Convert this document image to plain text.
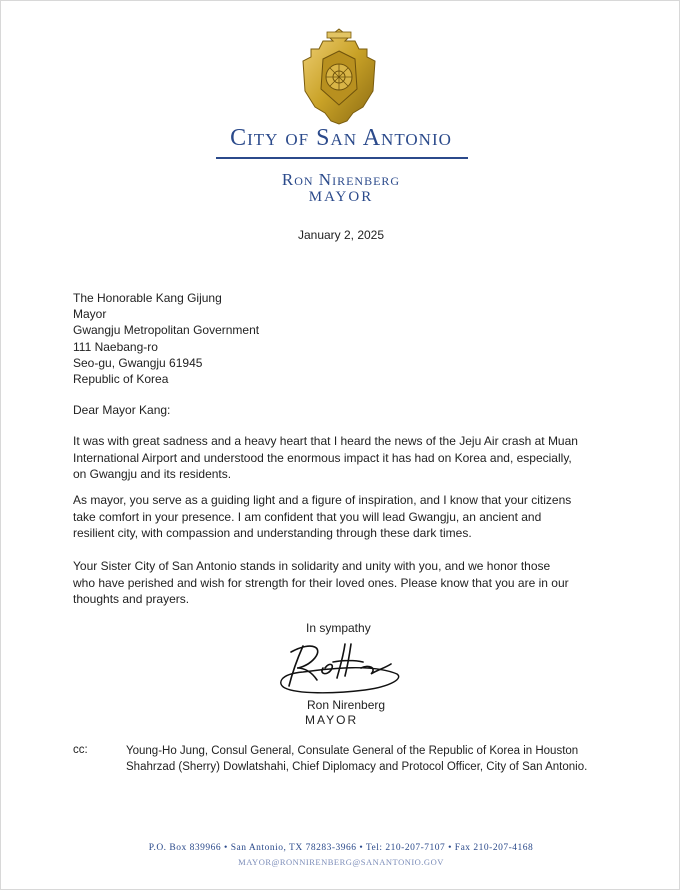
City of San Antonio
Ron Nirenberg
MAYOR
January 2, 2025
The Honorable Kang Gijung
Mayor
Gwangju Metropolitan Government
111 Naebang-ro
Seo-gu, Gwangju 61945
Republic of Korea
Dear Mayor Kang:
It was with great sadness and a heavy heart that I heard the news of the Jeju Air crash at Muan
International Airport and understood the enormous impact it has had on Korea and, especially,
on Gwangju and its residents.
As mayor, you serve as a guiding light and a figure of inspiration, and I know that your citizens
take comfort in your presence. I am confident that you will lead Gwangju, an ancient and
resilient city, with compassion and understanding through these dark times.
Your Sister City of San Antonio stands in solidarity and unity with you, and we honor those
who have perished and wish for strength for their loved ones. Please know that you are in our
thoughts and prayers.
In sympathy
Ron Nirenberg
MAYOR
cc:	Young-Ho Jung, Consul General, Consulate General of the Republic of Korea in Houston
Shahrzad (Sherry) Dowlatshahi, Chief Diplomacy and Protocol Officer, City of San Antonio.
P.O. Box 839966 • San Antonio, TX 78283-3966 • Tel: 210-207-7107 • Fax 210-207-4168
MAYOR@RONNIRENBERG@SANANTONIO.GOV
